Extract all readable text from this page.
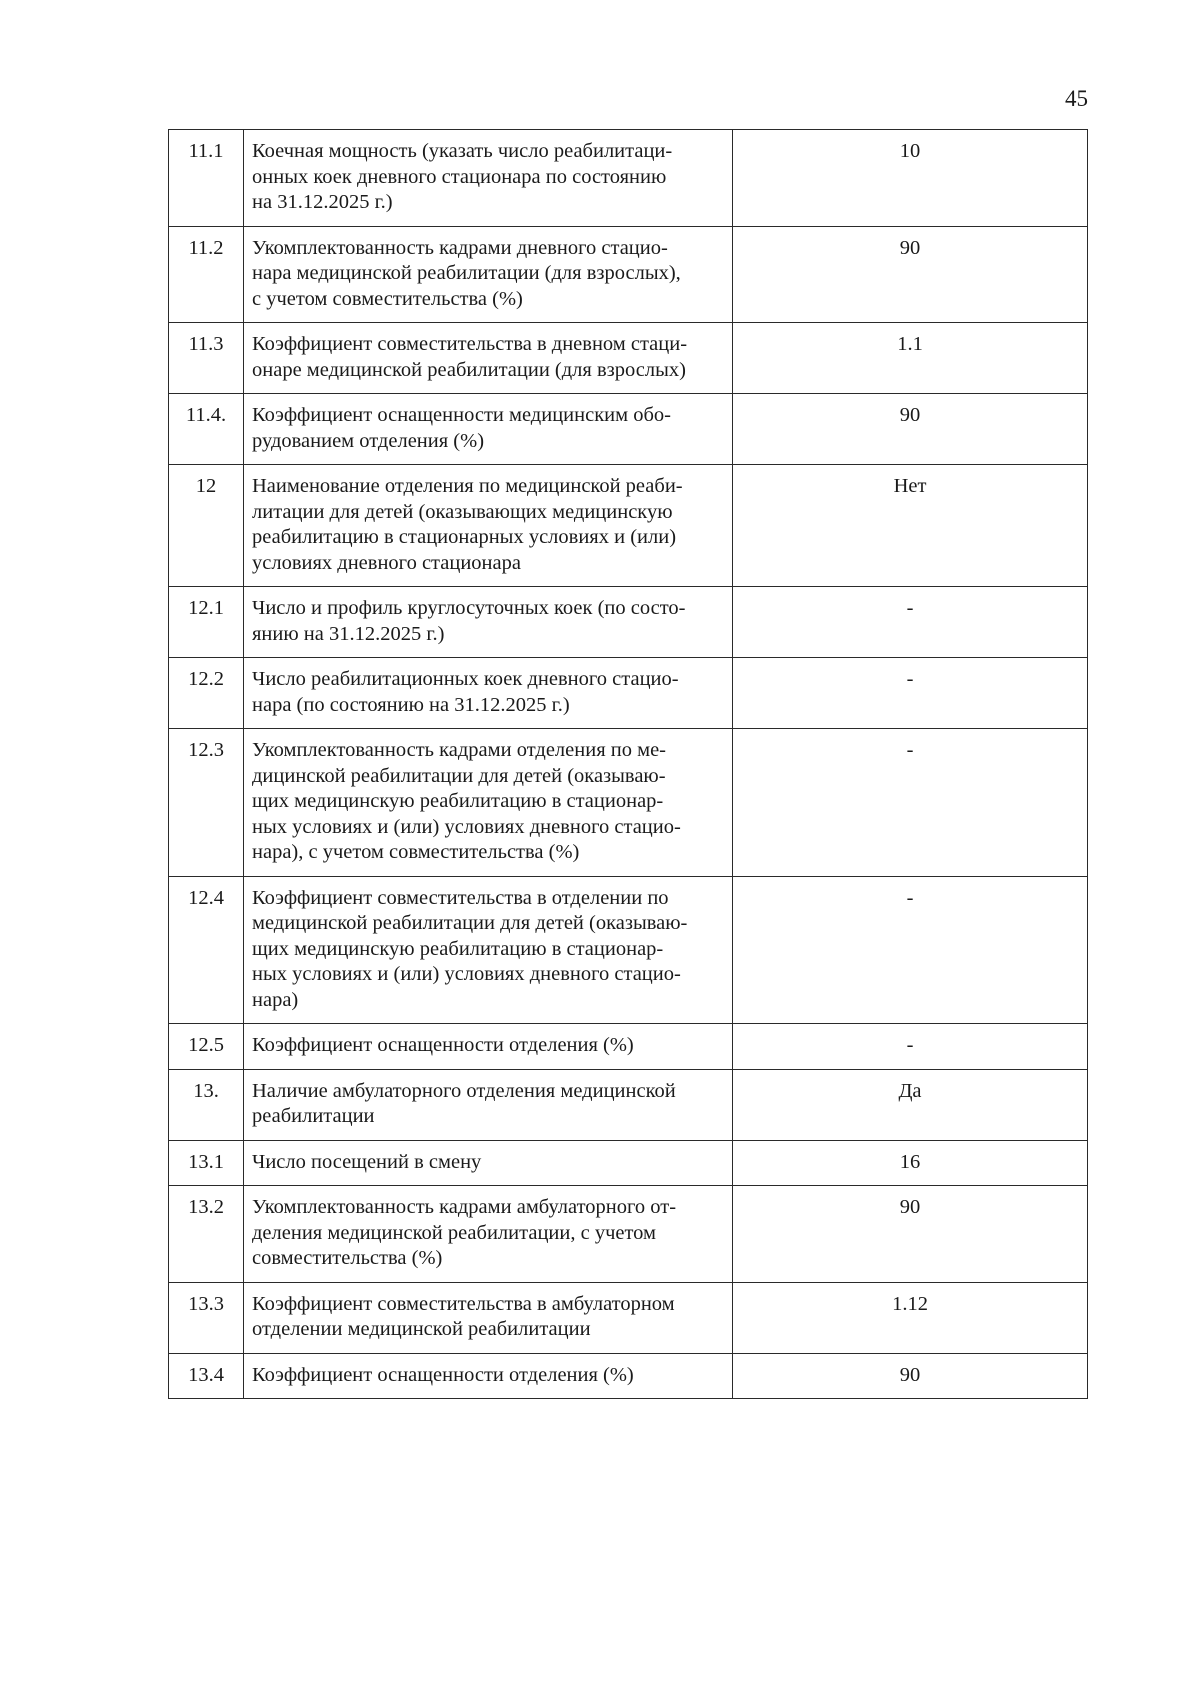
45
11.1	Коечная мощность (указать число реабилитаци-
онных коек дневного стационара по состоянию
на 31.12.2025 г.)	10
11.2	Укомплектованность кадрами дневного стацио-
нара медицинской реабилитации (для взрослых),
с учетом совместительства (%)	90
11.3	Коэффициент совместительства в дневном стаци-
онаре медицинской реабилитации (для взрослых)	1.1
11.4.	Коэффициент оснащенности медицинским обо-
рудованием отделения (%)	90
12	Наименование отделения по медицинской реаби-
литации для детей (оказывающих медицинскую
реабилитацию в стационарных условиях и (или)
условиях дневного стационара	Нет
12.1	Число и профиль круглосуточных коек (по состо-
янию на 31.12.2025 г.)	-
12.2	Число реабилитационных коек дневного стацио-
нара (по состоянию на 31.12.2025 г.)	-
12.3	Укомплектованность кадрами отделения по ме-
дицинской реабилитации для детей (оказываю-
щих медицинскую реабилитацию в стационар-
ных условиях и (или) условиях дневного стацио-
нара), с учетом совместительства (%)	-
12.4	Коэффициент совместительства в отделении по
медицинской реабилитации для детей (оказываю-
щих медицинскую реабилитацию в стационар-
ных условиях и (или) условиях дневного стацио-
нара)	-
12.5	Коэффициент оснащенности отделения (%)	-
13.	Наличие амбулаторного отделения медицинской
реабилитации	Да
13.1	Число посещений в смену	16
13.2	Укомплектованность кадрами амбулаторного от-
деления медицинской реабилитации, с учетом
совместительства (%)	90
13.3	Коэффициент совместительства в амбулаторном
отделении медицинской реабилитации	1.12
13.4	Коэффициент оснащенности отделения (%)	90
